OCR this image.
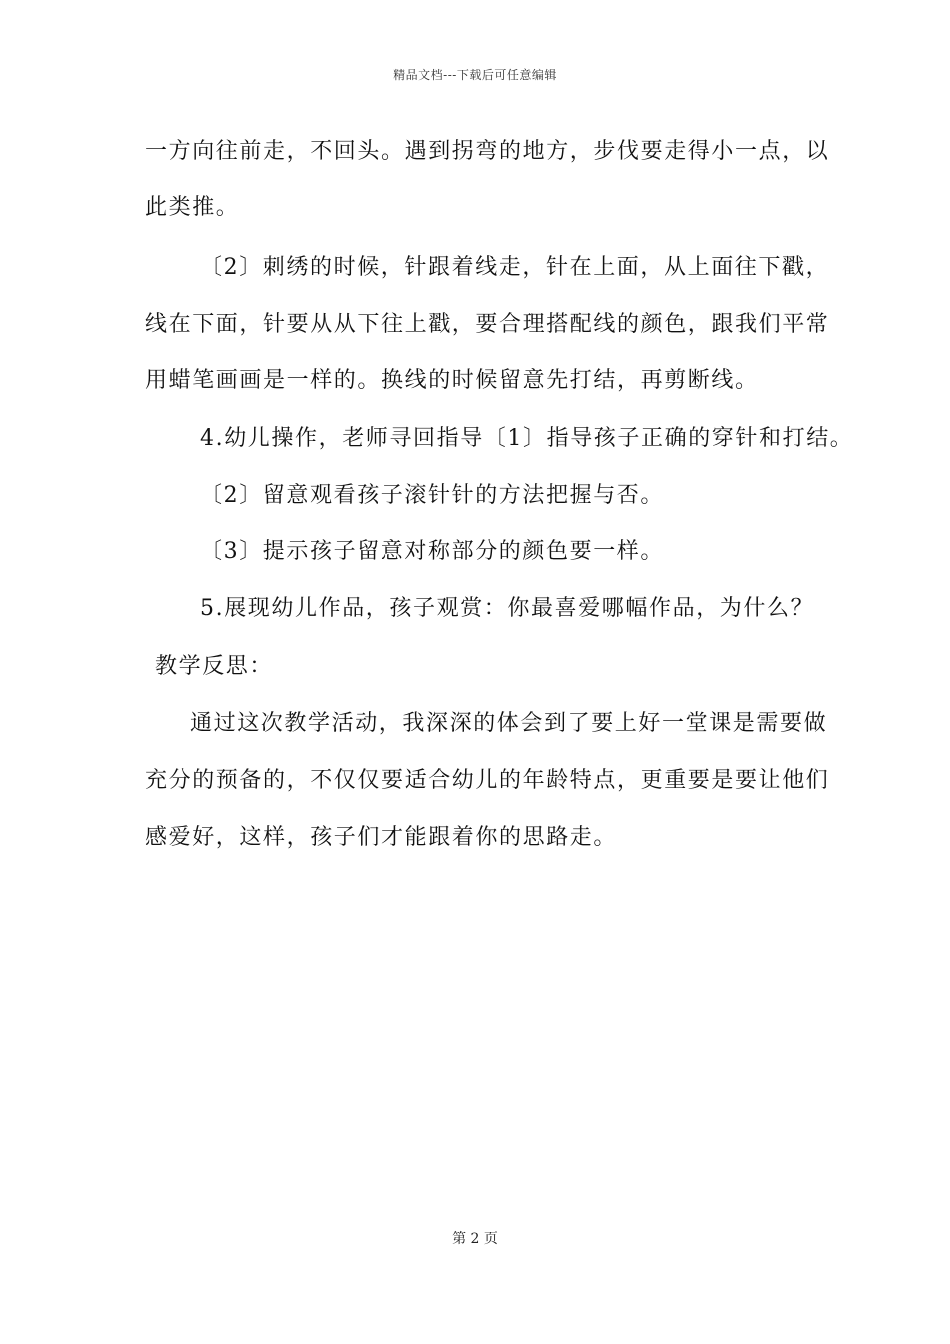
精品文档---下载后可任意编辑
一方向往前走，不回头。遇到拐弯的地方，步伐要走得小一点，以
此类推。
〔2〕刺绣的时候，针跟着线走，针在上面，从上面往下戳，
线在下面，针要从从下往上戳，要合理搭配线的颜色，跟我们平常
用蜡笔画画是一样的。换线的时候留意先打结，再剪断线。
4.幼儿操作，老师寻回指导〔1〕指导孩子正确的穿针和打结。
〔2〕留意观看孩子滚针针的方法把握与否。
〔3〕提示孩子留意对称部分的颜色要一样。
5.展现幼儿作品，孩子观赏：你最喜爱哪幅作品，为什么？
教学反思：
通过这次教学活动，我深深的体会到了要上好一堂课是需要做
充分的预备的，不仅仅要适合幼儿的年龄特点，更重要是要让他们
感爱好，这样，孩子们才能跟着你的思路走。
第 2 页
